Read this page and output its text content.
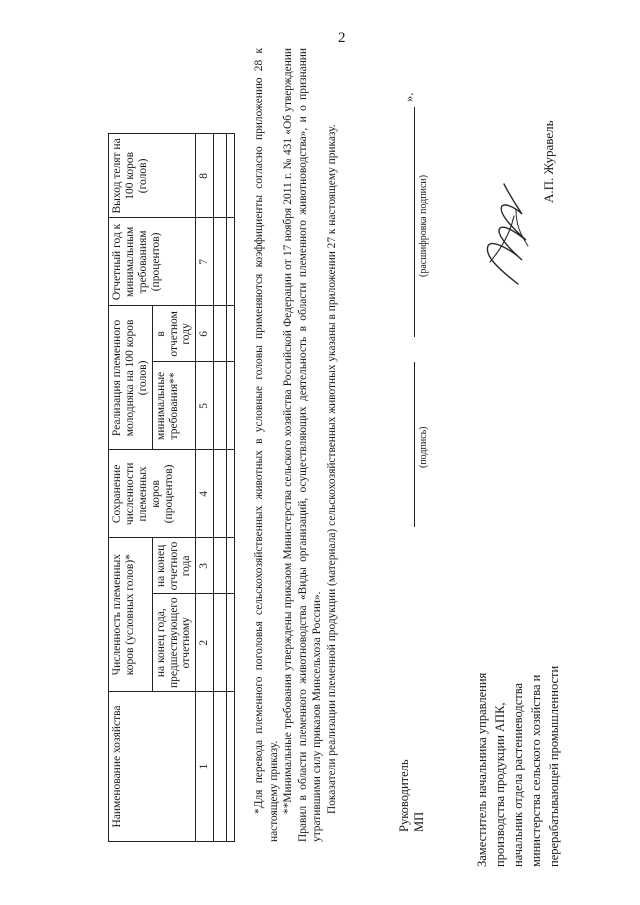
2
Наименование хозяйства	Численность племенных коров (условных голов)*		Сохранение численности племенных коров (процентов)	Реализация племенного молодняка на 100 коров (голов)		Отчетный год к минимальным требованиям (процентов)	Выход телят на 100 коров (голов)
	на конец года, предшествующего отчетному	на конец отчетного года		минимальные требования**	в отчетном году		
1	2	3	4	5	6	7	8

								*Для перевода племенного поголовья сельскохозяйственных животных в условные головы применяются коэффициенты согласно приложению 28 к настоящему приказу. **Минимальные требования утверждены приказом Министерства сельского хозяйства Российской Федерации от 17 ноября 2011 г. № 431 «Об утверждении Правил в области племенного животноводства «Виды организаций, осуществляющих деятельность в области племенного животноводства», и о признании утратившими силу приказов Минсельхоза России». Показатели реализации племенной продукции (материала) сельскохозяйственных животных указаны в приложении 27 к настоящему приказу.	Руководитель МП
(подпись)
(расшифровка подписи)
».
Заместитель начальника управления производства продукции АПК, начальник отдела растениеводства министерства сельского хозяйства и перерабатывающей промышленности
А.П. Журавель
